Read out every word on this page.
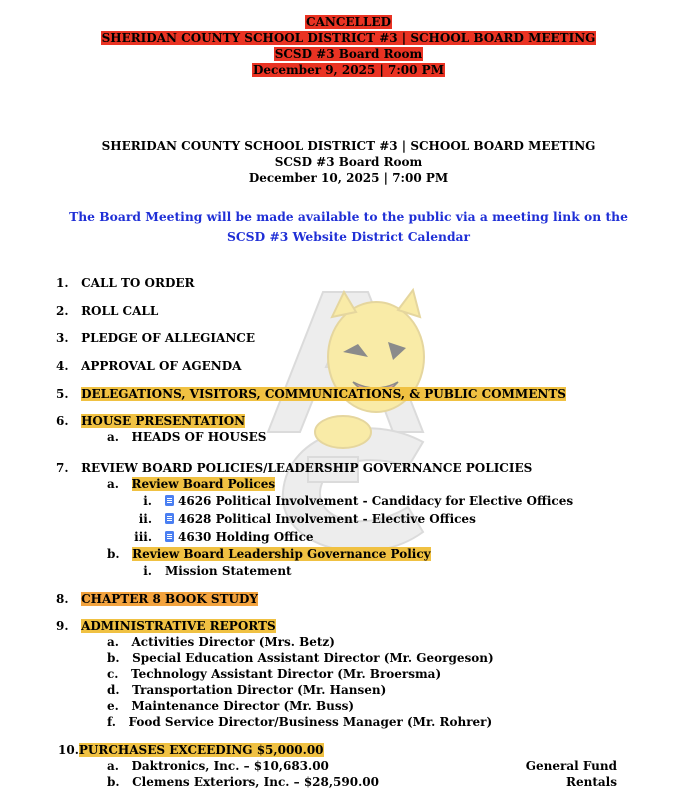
CANCELLED
SHERIDAN COUNTY SCHOOL DISTRICT #3 | SCHOOL BOARD MEETING
SCSD #3 Board Room
December 9, 2025 | 7:00 PM
SHERIDAN COUNTY SCHOOL DISTRICT #3 | SCHOOL BOARD MEETING
SCSD #3 Board Room
December 10, 2025 | 7:00 PM
The Board Meeting will be made available to the public via a meeting link on the
SCSD #3 Website District Calendar
1. CALL TO ORDER
2. ROLL CALL
3. PLEDGE OF ALLEGIANCE
4. APPROVAL OF AGENDA
5. DELEGATIONS, VISITORS, COMMUNICATIONS, & PUBLIC COMMENTS
6. HOUSE PRESENTATION
a. HEADS OF HOUSES
7. REVIEW BOARD POLICIES/LEADERSHIP GOVERNANCE POLICIES
a. Review Board Polices
i.	4626 Political Involvement - Candidacy for Elective Offices
ii.	4628 Political Involvement - Elective Offices
iii.	4630 Holding Office
b. Review Board Leadership Governance Policy
i. Mission Statement
8. CHAPTER 8 BOOK STUDY
9. ADMINISTRATIVE REPORTS
a. Activities Director (Mrs. Betz)
b. Special Education Assistant Director (Mr. Georgeson)
c. Technology Assistant Director (Mr. Broersma)
d. Transportation Director (Mr. Hansen)
e. Maintenance Director (Mr. Buss)
f. Food Service Director/Business Manager (Mr. Rohrer)
10.PURCHASES EXCEEDING $5,000.00
a. Daktronics, Inc. – $10,683.00	General Fund
b. Clemens Exteriors, Inc. – $28,590.00	Rentals
